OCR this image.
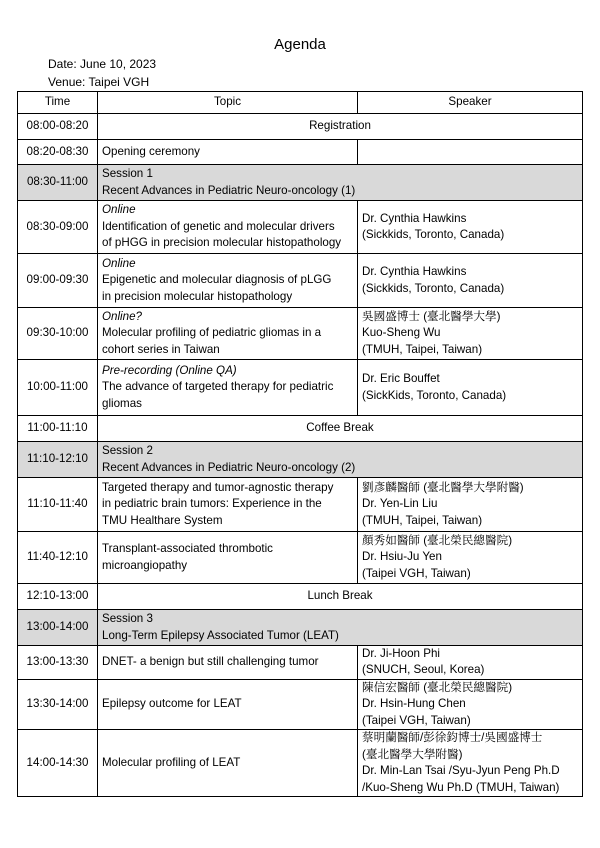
Agenda
Date: June 10, 2023
Venue: Taipei VGH
Time	Topic	Speaker
08:00-08:20	Registration	
08:20-08:30	Opening ceremony	

08:30-11:00	Session 1
Recent Advances in Pediatric Neuro-oncology (1)	

08:30-09:00	Online
Identification of genetic and molecular drivers
of pHGG in precision molecular histopathology	Dr. Cynthia Hawkins
(Sickkids, Toronto, Canada)

09:00-09:30	Online
Epigenetic and molecular diagnosis of pLGG
in precision molecular histopathology	Dr. Cynthia Hawkins
(Sickkids, Toronto, Canada)

09:30-10:00	Online?
Molecular profiling of pediatric gliomas in a
cohort series in Taiwan	吳國盛博士 (臺北醫學大學)
Kuo-Sheng Wu
(TMUH, Taipei, Taiwan)

10:00-11:00	Pre-recording (Online QA)
The advance of targeted therapy for pediatric
gliomas	Dr. Eric Bouffet
(SickKids, Toronto, Canada)

11:00-11:10	Coffee Break	
11:10-12:10	Session 2
Recent Advances in Pediatric Neuro-oncology (2)	

11:10-11:40	Targeted therapy and tumor-agnostic therapy
in pediatric brain tumors: Experience in the
TMU Healthare System	劉彥麟醫師 (臺北醫學大學附醫)
Dr. Yen-Lin Liu
(TMUH, Taipei, Taiwan)

11:40-12:10	Transplant-associated thrombotic
microangiopathy	顏秀如醫師 (臺北榮民總醫院)
Dr. Hsiu-Ju Yen
(Taipei VGH, Taiwan)

12:10-13:00	Lunch Break	
13:00-14:00	Session 3
Long-Term Epilepsy Associated Tumor (LEAT)	

13:00-13:30	DNET- a benign but still challenging tumor	Dr. Ji-Hoon Phi
(SNUCH, Seoul, Korea)

13:30-14:00	Epilepsy outcome for LEAT	陳信宏醫師 (臺北榮民總醫院)
Dr. Hsin-Hung Chen
(Taipei VGH, Taiwan)

14:00-14:30	Molecular profiling of LEAT	蔡明蘭醫師/彭徐鈞博士/吳國盛博士
(臺北醫學大學附醫)
Dr. Min-Lan Tsai /Syu-Jyun Peng Ph.D
/Kuo-Sheng Wu Ph.D (TMUH, Taiwan)
